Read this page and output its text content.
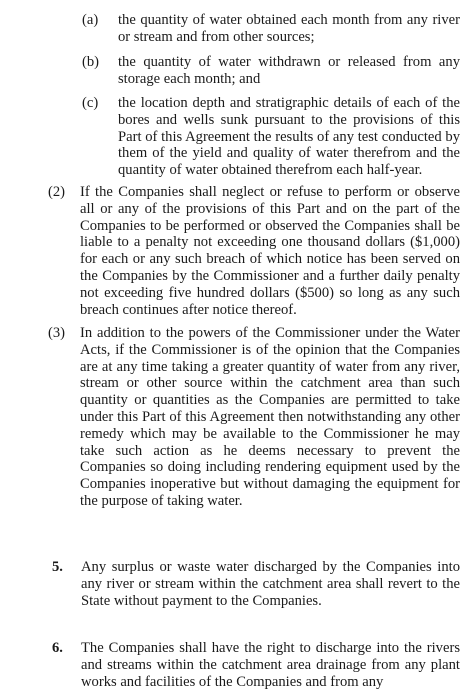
(a)	the quantity of water obtained each month from any river or stream and from other sources;
(b)	the quantity of water withdrawn or released from any storage each month; and
(c)	the location depth and stratigraphic details of each of the bores and wells sunk pursuant to the provisions of this Part of this Agreement the results of any test conducted by them of the yield and quality of water therefrom and the quantity of water obtained therefrom each half-year.
(2)	If the Companies shall neglect or refuse to perform or observe all or any of the provisions of this Part and on the part of the Companies to be performed or observed the Companies shall be liable to a penalty not exceeding one thousand dollars ($1,000) for each or any such breach of which notice has been served on the Companies by the Commissioner and a further daily penalty not exceeding five hundred dollars ($500) so long as any such breach continues after notice thereof.
(3)	In addition to the powers of the Commissioner under the Water Acts, if the Commissioner is of the opinion that the Companies are at any time taking a greater quantity of water from any river, stream or other source within the catchment area than such quantity or quantities as the Companies are permitted to take under this Part of this Agreement then notwithstanding any other remedy which may be available to the Commissioner he may take such action as he deems necessary to prevent the Companies so doing including rendering equipment used by the Companies inoperative but without damaging the equipment for the purpose of taking water.
5.	Any surplus or waste water discharged by the Companies into any river or stream within the catchment area shall revert to the State without payment to the Companies.
6.	The Companies shall have the right to discharge into the rivers and streams within the catchment area drainage from any plant works and facilities of the Companies and from any
